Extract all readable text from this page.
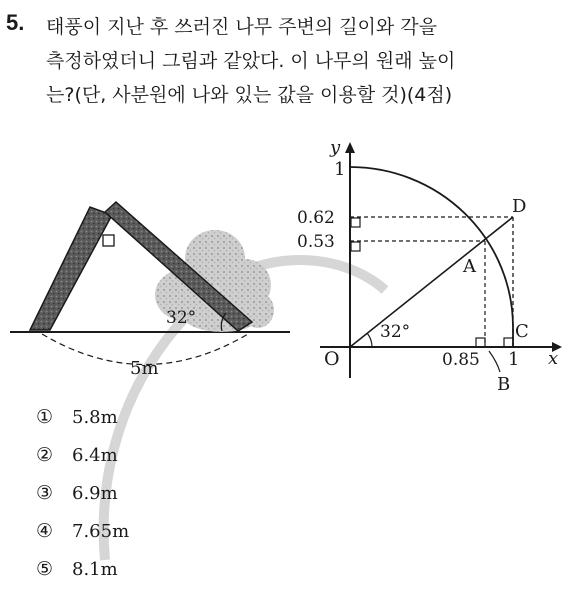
5. 태풍이 지난 후 쓰러진 나무 주변의 길이와 각을
측정하였더니 그림과 같았다. 이 나무의 원래 높이
는?(단, 사분원에 나와 있는 값을 이용할 것)(4점)

32°
5m
y
x
O
1
1
32°
0.62
0.53
0.85
A
D
C
B
① 5.8m
② 6.4m
③ 6.9m
④ 7.65m
⑤ 8.1m
